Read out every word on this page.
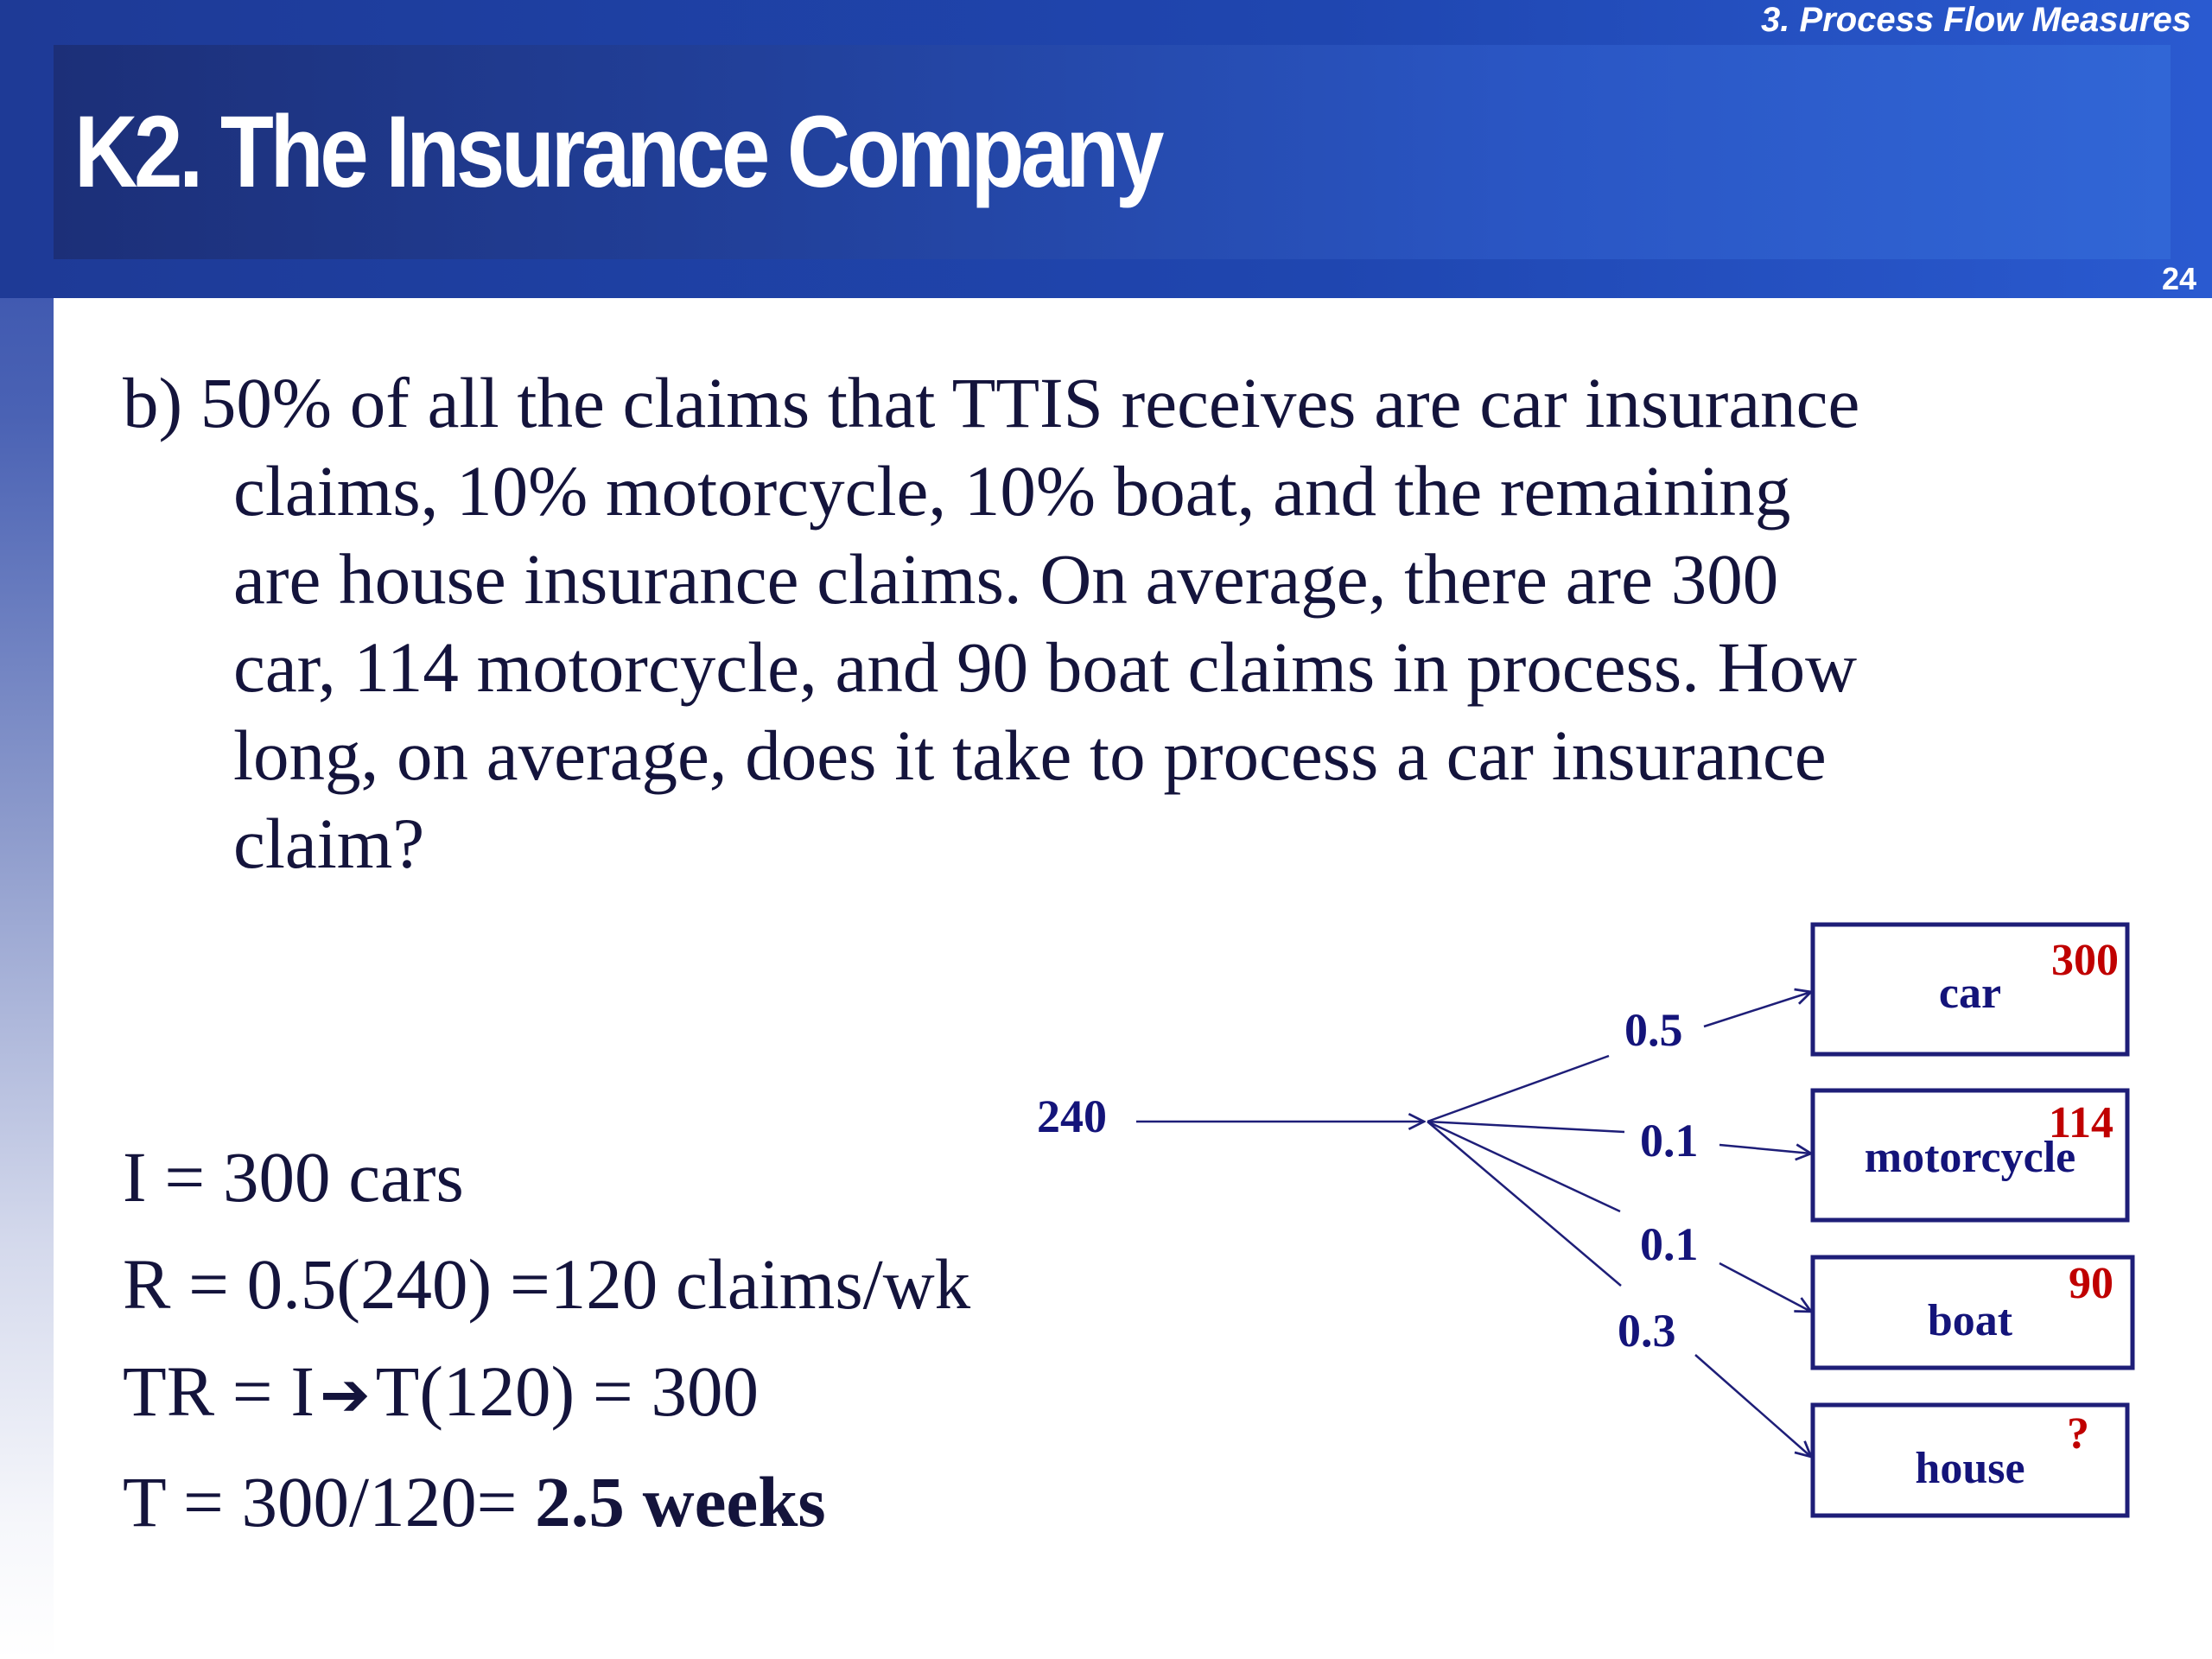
3. Process Flow Measures
K2. The Insurance Company
24
b) 50% of all the claims that TTIS receives are car insurance
claims, 10% motorcycle, 10% boat, and the remaining
are house insurance claims. On average, there are 300
car, 114 motorcycle, and 90 boat claims in process. How
long, on average, does it take to process a car insurance
claim?
I = 300 cars
R = 0.5(240) =120 claims/wk
TR = I➔T(120) = 300
T = 300/120= 2.5 weeks
240
0.5
0.1
0.1
0.3
car
300
114
motorcycle
boat
90
house
?
